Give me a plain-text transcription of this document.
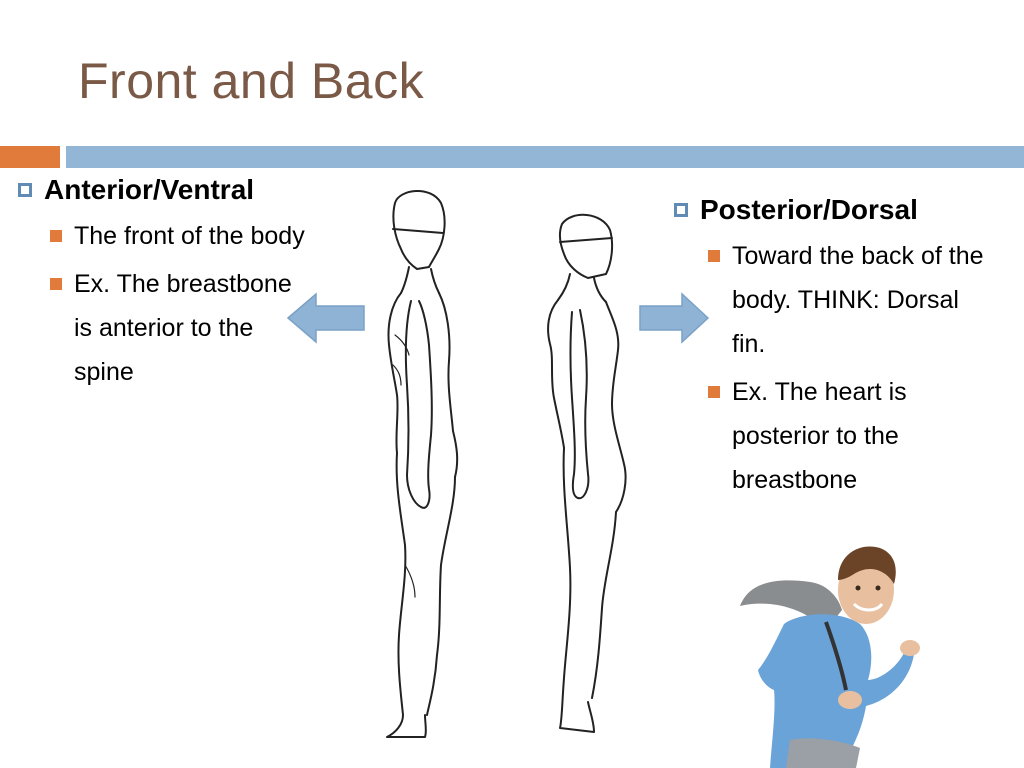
Front and Back
Anterior/Ventral
The front of the body
Ex. The breastbone is anterior to the spine
Posterior/Dorsal
Toward the back of the body. THINK: Dorsal fin.
Ex. The heart is posterior to the breastbone
